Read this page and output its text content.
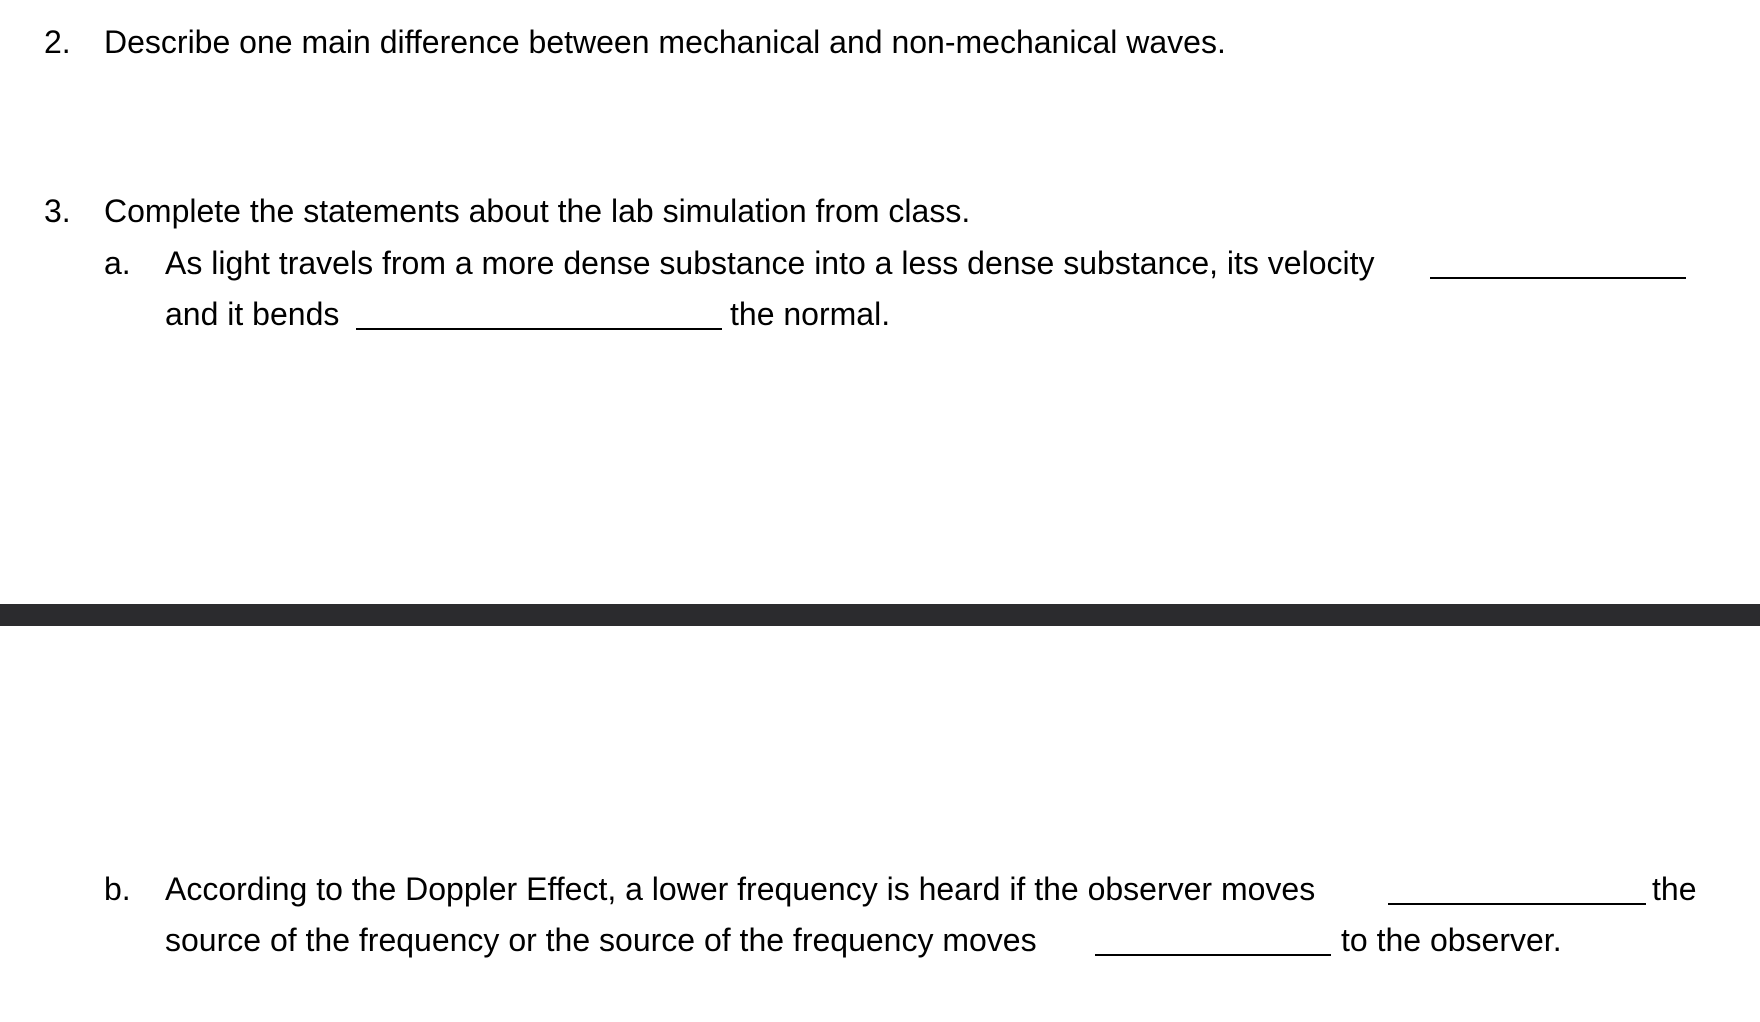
2. Describe one main difference between mechanical and non-mechanical waves.
3. Complete the statements about the lab simulation from class.
a. As light travels from a more dense substance into a less dense substance, its velocity
and it bends	the normal.
b. According to the Doppler Effect, a lower frequency is heard if the observer moves	the
source of the frequency or the source of the frequency moves	to the observer.
